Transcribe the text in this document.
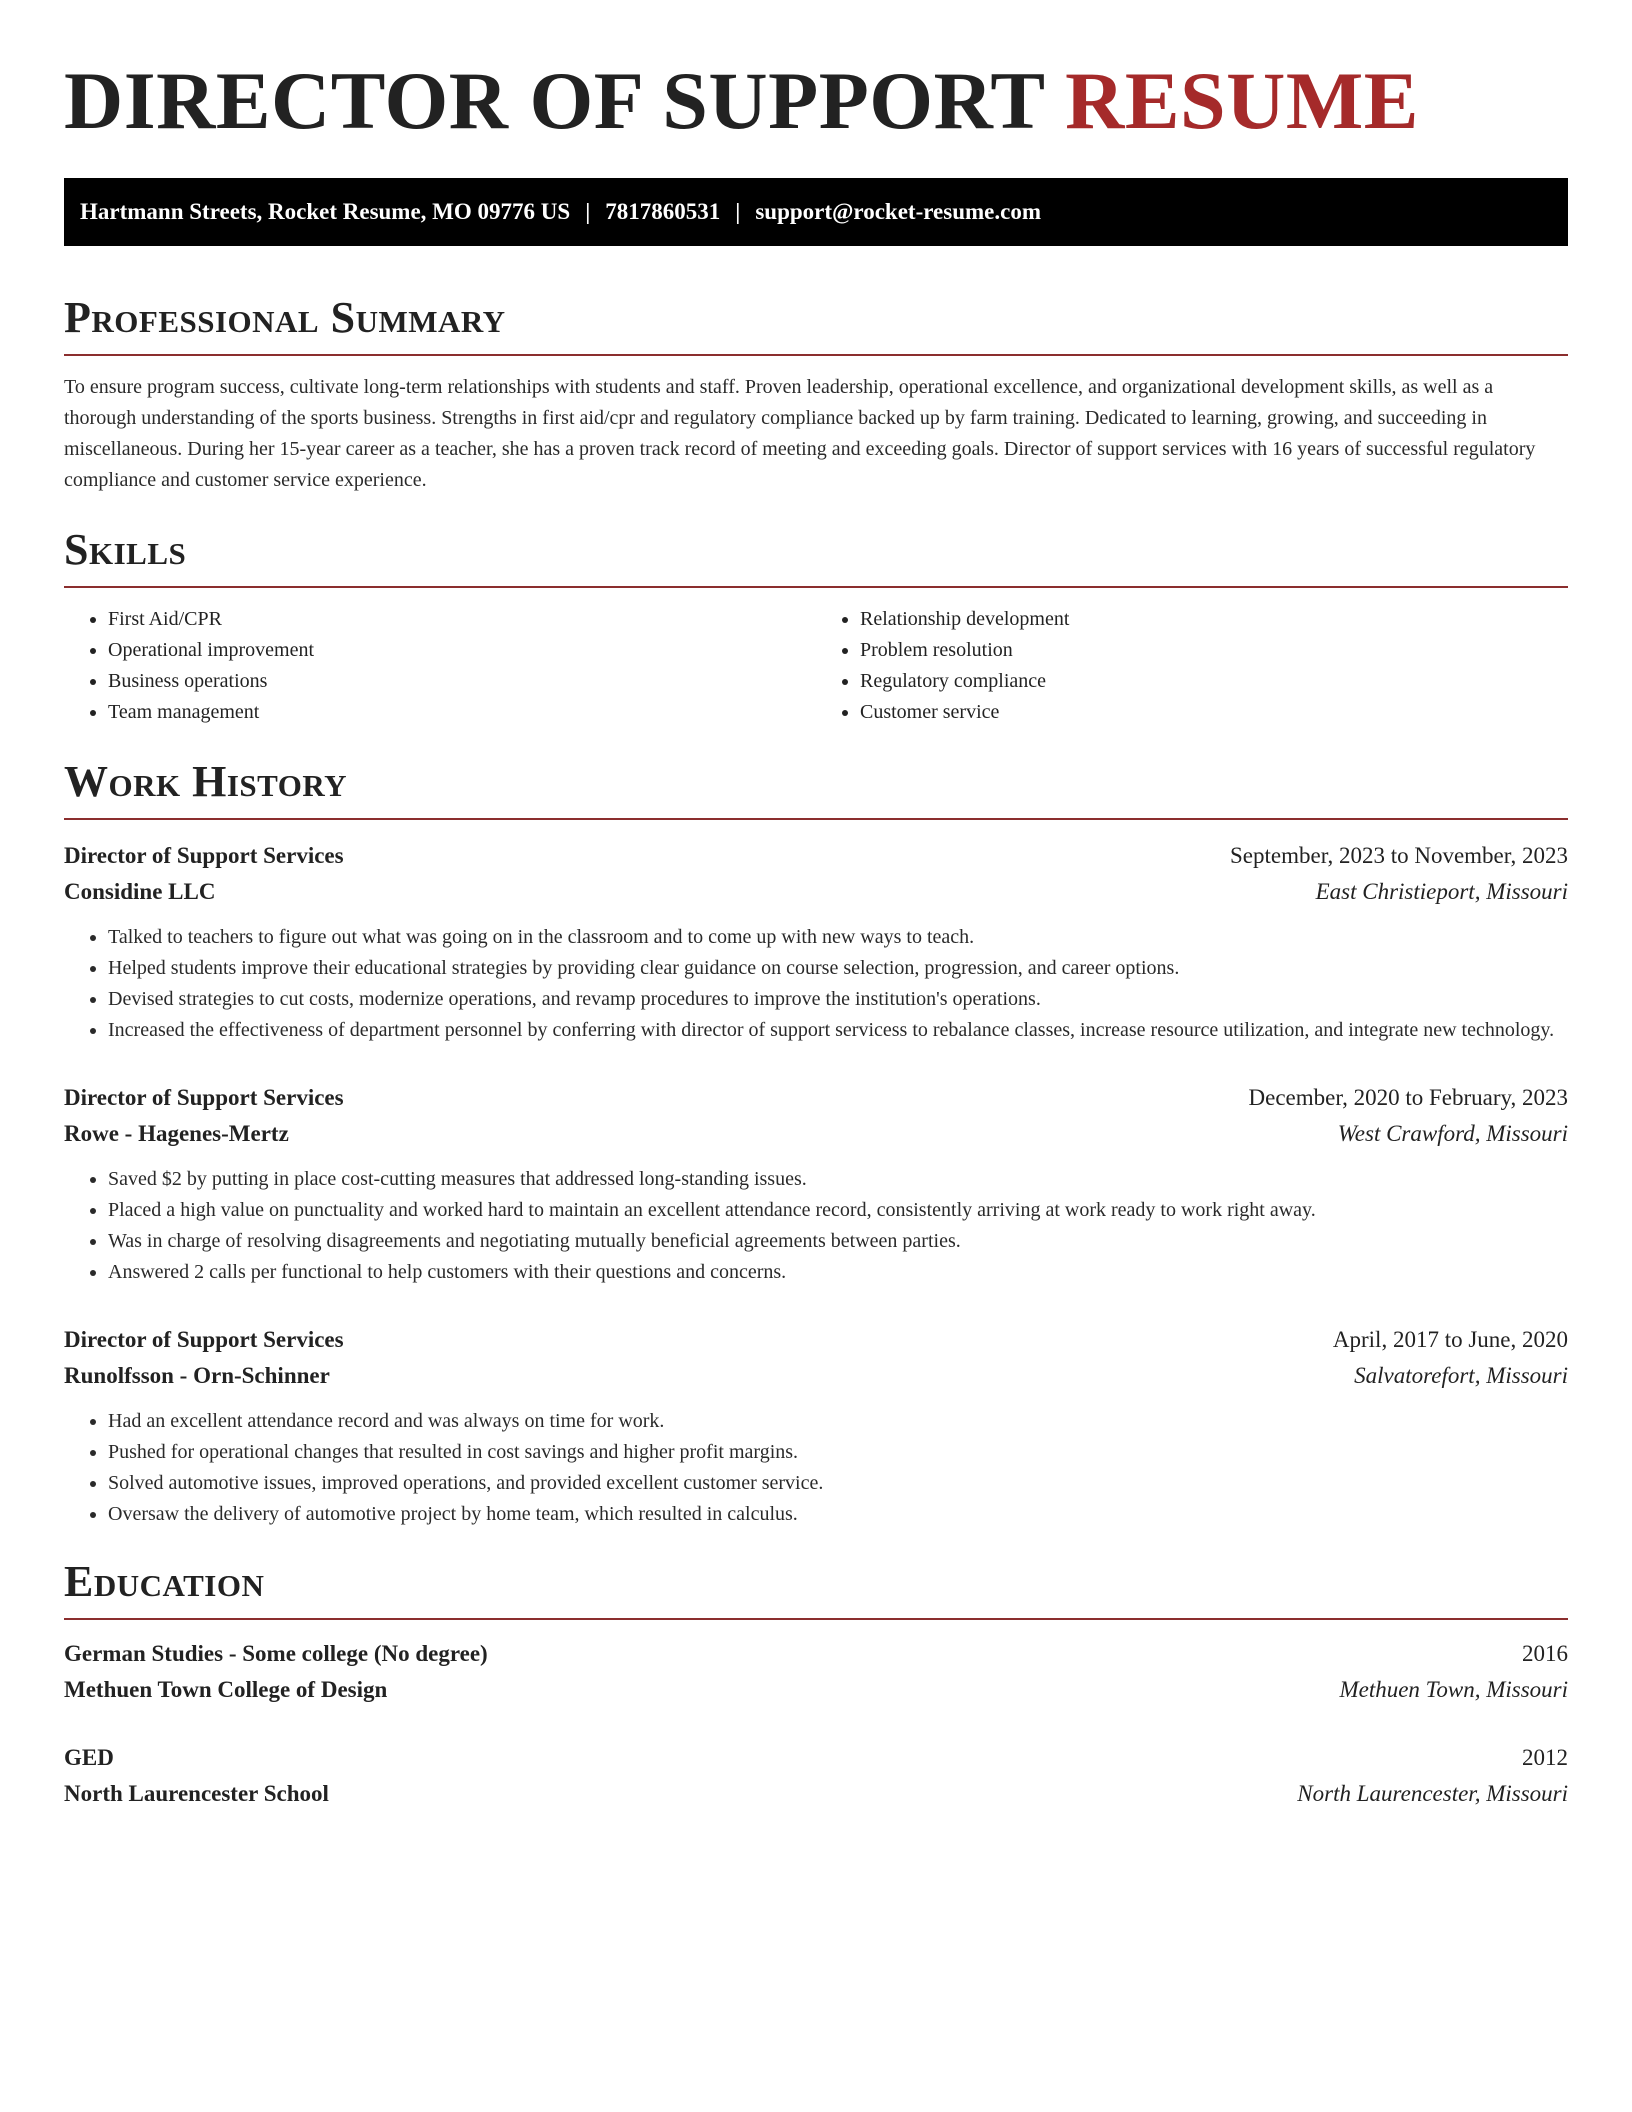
DIRECTOR OF SUPPORT RESUME
Hartmann Streets, Rocket Resume, MO 09776 US | 7817860531 | support@rocket-resume.com
Professional Summary

To ensure program success, cultivate long-term relationships with students and staff. Proven leadership, operational excellence, and organizational development skills, as well as a thorough understanding of the sports business. Strengths in first aid/cpr and regulatory compliance backed up by farm training. Dedicated to learning, growing, and succeeding in miscellaneous. During her 15-year career as a teacher, she has a proven track record of meeting and exceeding goals. Director of support services with 16 years of successful regulatory compliance and customer service experience.

Skills
• First Aid/CPR
• Operational improvement
• Business operations
• Team management
• Relationship development
• Problem resolution
• Regulatory compliance
• Customer service
Work History
Director of Support Services	September, 2023 to November, 2023
Considine LLC	East Christieport, Missouri
• Talked to teachers to figure out what was going on in the classroom and to come up with new ways to teach.
• Helped students improve their educational strategies by providing clear guidance on course selection, progression, and career options.
• Devised strategies to cut costs, modernize operations, and revamp procedures to improve the institution's operations.
• Increased the effectiveness of department personnel by conferring with director of support servicess to rebalance classes, increase resource utilization, and integrate new technology.
Director of Support Services	December, 2020 to February, 2023
Rowe - Hagenes-Mertz	West Crawford, Missouri
• Saved $2 by putting in place cost-cutting measures that addressed long-standing issues.
• Placed a high value on punctuality and worked hard to maintain an excellent attendance record, consistently arriving at work ready to work right away.
• Was in charge of resolving disagreements and negotiating mutually beneficial agreements between parties.
• Answered 2 calls per functional to help customers with their questions and concerns.
Director of Support Services	April, 2017 to June, 2020
Runolfsson - Orn-Schinner	Salvatorefort, Missouri
• Had an excellent attendance record and was always on time for work.
• Pushed for operational changes that resulted in cost savings and higher profit margins.
• Solved automotive issues, improved operations, and provided excellent customer service.
• Oversaw the delivery of automotive project by home team, which resulted in calculus.
Education
German Studies - Some college (No degree)	2016
Methuen Town College of Design	Methuen Town, Missouri
GED	2012
North Laurencester School	North Laurencester, Missouri
